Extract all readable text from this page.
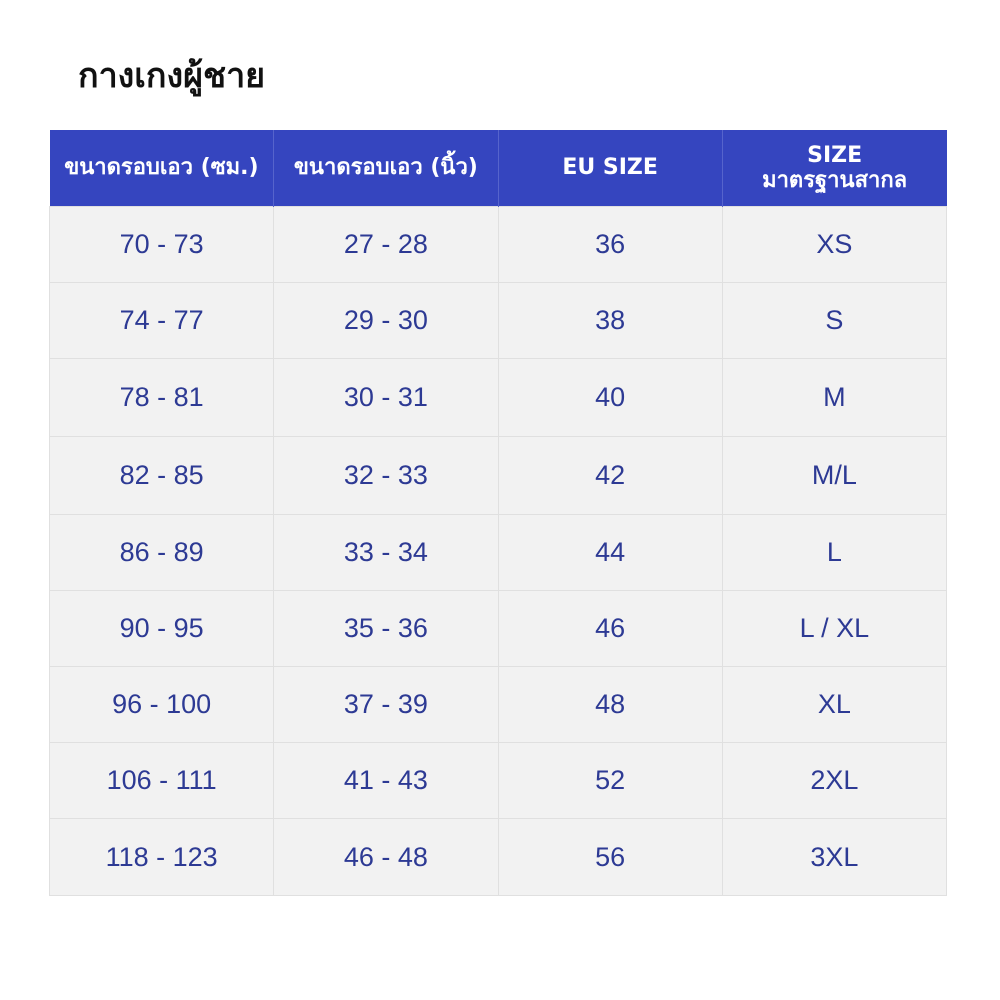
กางเกงผู้ชาย
ขนาดรอบเอว (ซม.)	ขนาดรอบเอว (นิ้ว)	EU SIZE	SIZE
มาตรฐานสากล

70 - 73	27 - 28	36	XS
74 - 77	29 - 30	38	S
78 - 81	30 - 31	40	M
82 - 85	32 - 33	42	M/L
86 - 89	33 - 34	44	L
90 - 95	35 - 36	46	L / XL
96 - 100	37 - 39	48	XL
106 - 111	41 - 43	52	2XL
118 - 123	46 - 48	56	3XL
